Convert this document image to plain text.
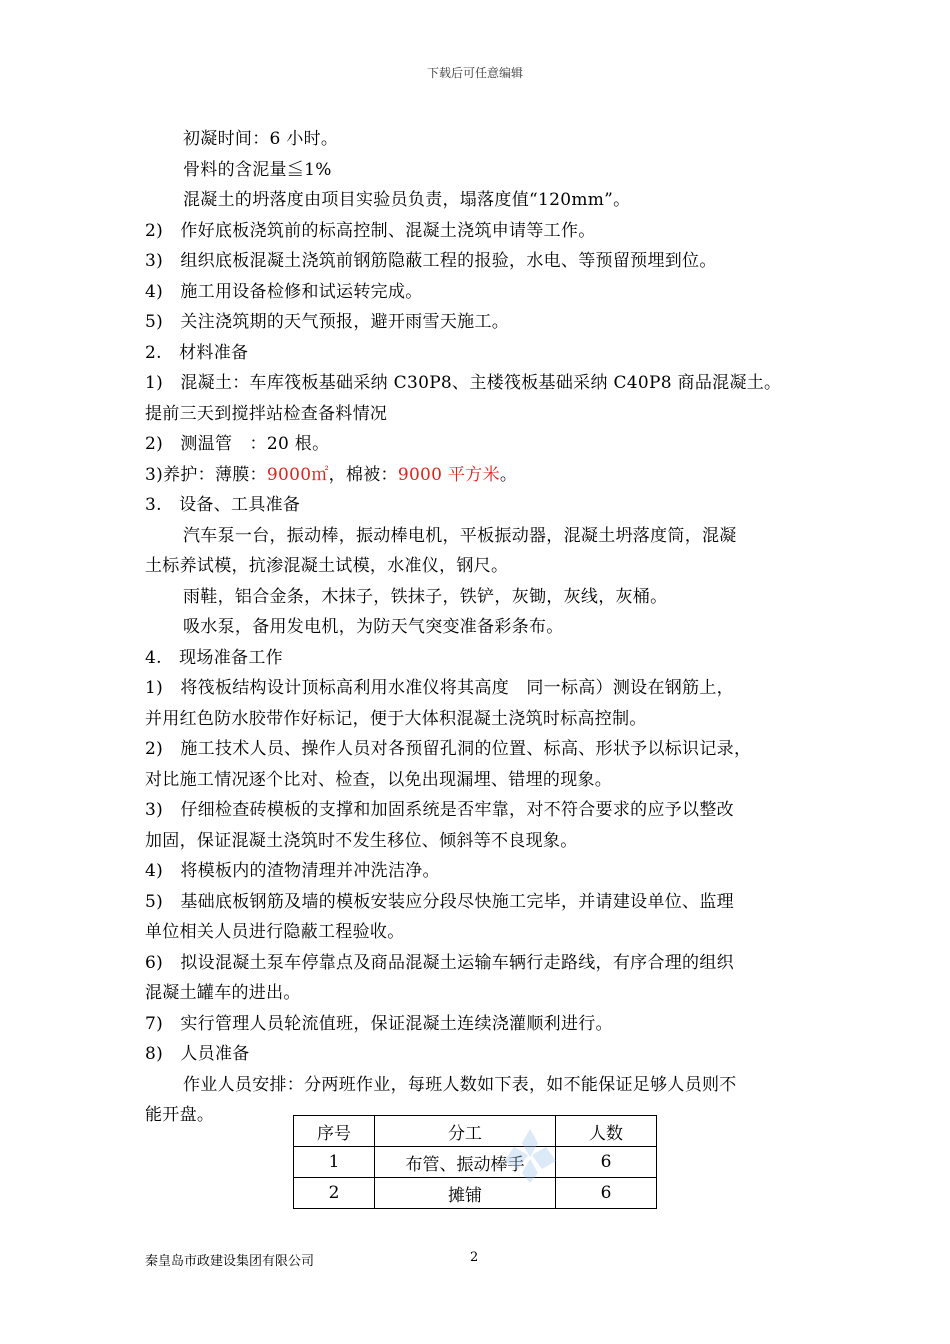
下载后可任意编辑
初凝时间：6 小时。
骨料的含泥量≦1%
混凝土的坍落度由项目实验员负责，塌落度值“120mm”。
2)　作好底板浇筑前的标高控制、混凝土浇筑申请等工作。
3)　组织底板混凝土浇筑前钢筋隐蔽工程的报验，水电、等预留预埋到位。
4)　施工用设备检修和试运转完成。
5)　关注浇筑期的天气预报，避开雨雪天施工。
2.　材料准备
1)　混凝土：车库筏板基础采纳 C30P8、主楼筏板基础采纳 C40P8 商品混凝土。
提前三天到搅拌站检查备料情况
2)　测温管　：20 根。
3)养护：薄膜：9000㎡，棉被：9000 平方米。
3.　设备、工具准备
汽车泵一台，振动棒，振动棒电机，平板振动器，混凝土坍落度筒，混凝
土标养试模，抗渗混凝土试模，水准仪，钢尺。
雨鞋，铝合金条，木抹子，铁抹子，铁铲，灰锄，灰线，灰桶。
吸水泵，备用发电机，为防天气突变准备彩条布。
4.　现场准备工作
1)　将筏板结构设计顶标高利用水准仪将其高度　同一标高）测设在钢筋上，
并用红色防水胶带作好标记，便于大体积混凝土浇筑时标高控制。
2)　施工技术人员、操作人员对各预留孔洞的位置、标高、形状予以标识记录，
对比施工情况逐个比对、检查，以免出现漏埋、错埋的现象。
3)　仔细检查砖模板的支撑和加固系统是否牢靠，对不符合要求的应予以整改
加固，保证混凝土浇筑时不发生移位、倾斜等不良现象。
4)　将模板内的渣物清理并冲洗洁净。
5)　基础底板钢筋及墙的模板安装应分段尽快施工完毕，并请建设单位、监理
单位相关人员进行隐蔽工程验收。
6)　拟设混凝土泵车停靠点及商品混凝土运输车辆行走路线，有序合理的组织
混凝土罐车的进出。
7)　实行管理人员轮流值班，保证混凝土连续浇灌顺利进行。
8)　人员准备
作业人员安排：分两班作业，每班人数如下表，如不能保证足够人员则不
能开盘。
序号	分工	人数
1	布管、振动棒手	6
2	摊铺	6
秦皇岛市政建设集团有限公司	2
